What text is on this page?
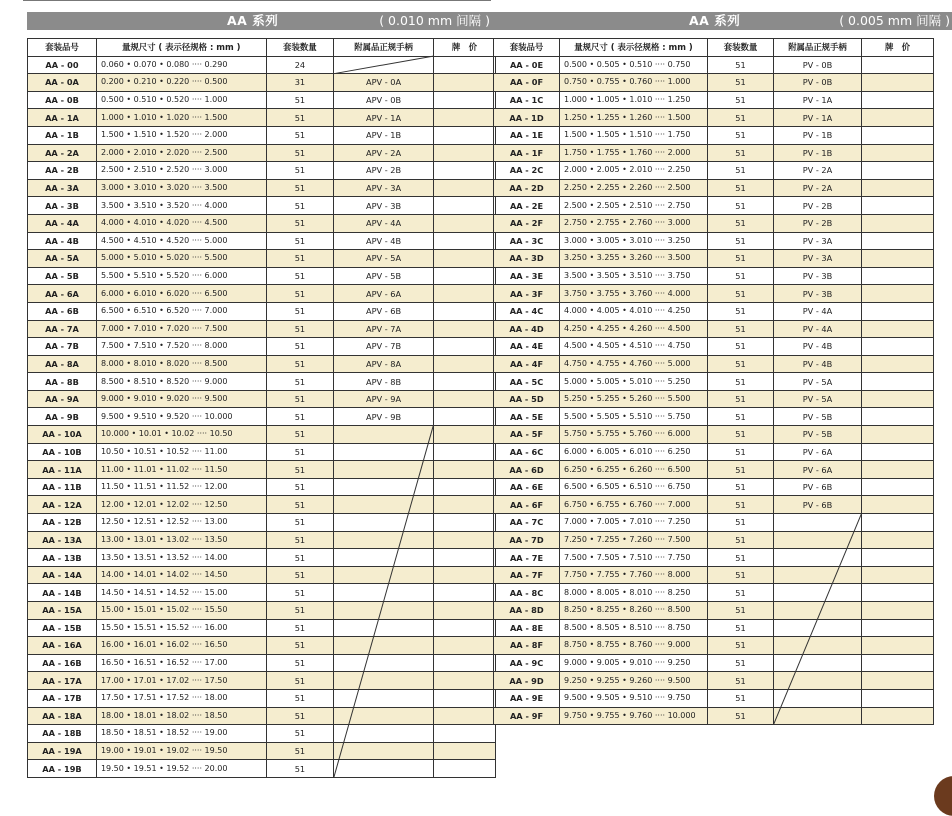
AA 系列	( 0.010 mm 间隔 )
套装品号	量规尺寸 ( 表示径规格 : mm )	套装数量	附属品正规手柄	牌　价
AA - 00	0.060 • 0.070 • 0.080 ···· 0.290	24		
AA - 0A	0.200 • 0.210 • 0.220 ···· 0.500	31	APV - 0A	
AA - 0B	0.500 • 0.510 • 0.520 ···· 1.000	51	APV - 0B	
AA - 1A	1.000 • 1.010 • 1.020 ···· 1.500	51	APV - 1A	
AA - 1B	1.500 • 1.510 • 1.520 ···· 2.000	51	APV - 1B	
AA - 2A	2.000 • 2.010 • 2.020 ···· 2.500	51	APV - 2A	
AA - 2B	2.500 • 2.510 • 2.520 ···· 3.000	51	APV - 2B	
AA - 3A	3.000 • 3.010 • 3.020 ···· 3.500	51	APV - 3A	
AA - 3B	3.500 • 3.510 • 3.520 ···· 4.000	51	APV - 3B	
AA - 4A	4.000 • 4.010 • 4.020 ···· 4.500	51	APV - 4A	
AA - 4B	4.500 • 4.510 • 4.520 ···· 5.000	51	APV - 4B	
AA - 5A	5.000 • 5.010 • 5.020 ···· 5.500	51	APV - 5A	
AA - 5B	5.500 • 5.510 • 5.520 ···· 6.000	51	APV - 5B	
AA - 6A	6.000 • 6.010 • 6.020 ···· 6.500	51	APV - 6A	
AA - 6B	6.500 • 6.510 • 6.520 ···· 7.000	51	APV - 6B	
AA - 7A	7.000 • 7.010 • 7.020 ···· 7.500	51	APV - 7A	
AA - 7B	7.500 • 7.510 • 7.520 ···· 8.000	51	APV - 7B	
AA - 8A	8.000 • 8.010 • 8.020 ···· 8.500	51	APV - 8A	
AA - 8B	8.500 • 8.510 • 8.520 ···· 9.000	51	APV - 8B	
AA - 9A	9.000 • 9.010 • 9.020 ···· 9.500	51	APV - 9A	
AA - 9B	9.500 • 9.510 • 9.520 ···· 10.000	51	APV - 9B	
AA - 10A	10.000 • 10.01 • 10.02 ···· 10.50	51		
AA - 10B	10.50 • 10.51 • 10.52 ···· 11.00	51		
AA - 11A	11.00 • 11.01 • 11.02 ···· 11.50	51		
AA - 11B	11.50 • 11.51 • 11.52 ···· 12.00	51		
AA - 12A	12.00 • 12.01 • 12.02 ···· 12.50	51		
AA - 12B	12.50 • 12.51 • 12.52 ···· 13.00	51		
AA - 13A	13.00 • 13.01 • 13.02 ···· 13.50	51		
AA - 13B	13.50 • 13.51 • 13.52 ···· 14.00	51		
AA - 14A	14.00 • 14.01 • 14.02 ···· 14.50	51		
AA - 14B	14.50 • 14.51 • 14.52 ···· 15.00	51		
AA - 15A	15.00 • 15.01 • 15.02 ···· 15.50	51		
AA - 15B	15.50 • 15.51 • 15.52 ···· 16.00	51		
AA - 16A	16.00 • 16.01 • 16.02 ···· 16.50	51		
AA - 16B	16.50 • 16.51 • 16.52 ···· 17.00	51		
AA - 17A	17.00 • 17.01 • 17.02 ···· 17.50	51		
AA - 17B	17.50 • 17.51 • 17.52 ···· 18.00	51		
AA - 18A	18.00 • 18.01 • 18.02 ···· 18.50	51		
AA - 18B	18.50 • 18.51 • 18.52 ···· 19.00	51		
AA - 19A	19.00 • 19.01 • 19.02 ···· 19.50	51		
AA - 19B	19.50 • 19.51 • 19.52 ···· 20.00	51		
AA 系列	( 0.005 mm 间隔 )
套装品号	量规尺寸 ( 表示径规格 : mm )	套装数量	附属品正规手柄	牌　价
AA - 0E	0.500 • 0.505 • 0.510 ···· 0.750	51	PV - 0B	
AA - 0F	0.750 • 0.755 • 0.760 ···· 1.000	51	PV - 0B	
AA - 1C	1.000 • 1.005 • 1.010 ···· 1.250	51	PV - 1A	
AA - 1D	1.250 • 1.255 • 1.260 ···· 1.500	51	PV - 1A	
AA - 1E	1.500 • 1.505 • 1.510 ···· 1.750	51	PV - 1B	
AA - 1F	1.750 • 1.755 • 1.760 ···· 2.000	51	PV - 1B	
AA - 2C	2.000 • 2.005 • 2.010 ···· 2.250	51	PV - 2A	
AA - 2D	2.250 • 2.255 • 2.260 ···· 2.500	51	PV - 2A	
AA - 2E	2.500 • 2.505 • 2.510 ···· 2.750	51	PV - 2B	
AA - 2F	2.750 • 2.755 • 2.760 ···· 3.000	51	PV - 2B	
AA - 3C	3.000 • 3.005 • 3.010 ···· 3.250	51	PV - 3A	
AA - 3D	3.250 • 3.255 • 3.260 ···· 3.500	51	PV - 3A	
AA - 3E	3.500 • 3.505 • 3.510 ···· 3.750	51	PV - 3B	
AA - 3F	3.750 • 3.755 • 3.760 ···· 4.000	51	PV - 3B	
AA - 4C	4.000 • 4.005 • 4.010 ···· 4.250	51	PV - 4A	
AA - 4D	4.250 • 4.255 • 4.260 ···· 4.500	51	PV - 4A	
AA - 4E	4.500 • 4.505 • 4.510 ···· 4.750	51	PV - 4B	
AA - 4F	4.750 • 4.755 • 4.760 ···· 5.000	51	PV - 4B	
AA - 5C	5.000 • 5.005 • 5.010 ···· 5.250	51	PV - 5A	
AA - 5D	5.250 • 5.255 • 5.260 ···· 5.500	51	PV - 5A	
AA - 5E	5.500 • 5.505 • 5.510 ···· 5.750	51	PV - 5B	
AA - 5F	5.750 • 5.755 • 5.760 ···· 6.000	51	PV - 5B	
AA - 6C	6.000 • 6.005 • 6.010 ···· 6.250	51	PV - 6A	
AA - 6D	6.250 • 6.255 • 6.260 ···· 6.500	51	PV - 6A	
AA - 6E	6.500 • 6.505 • 6.510 ···· 6.750	51	PV - 6B	
AA - 6F	6.750 • 6.755 • 6.760 ···· 7.000	51	PV - 6B	
AA - 7C	7.000 • 7.005 • 7.010 ···· 7.250	51		
AA - 7D	7.250 • 7.255 • 7.260 ···· 7.500	51		
AA - 7E	7.500 • 7.505 • 7.510 ···· 7.750	51		
AA - 7F	7.750 • 7.755 • 7.760 ···· 8.000	51		
AA - 8C	8.000 • 8.005 • 8.010 ···· 8.250	51		
AA - 8D	8.250 • 8.255 • 8.260 ···· 8.500	51		
AA - 8E	8.500 • 8.505 • 8.510 ···· 8.750	51		
AA - 8F	8.750 • 8.755 • 8.760 ···· 9.000	51		
AA - 9C	9.000 • 9.005 • 9.010 ···· 9.250	51		
AA - 9D	9.250 • 9.255 • 9.260 ···· 9.500	51		
AA - 9E	9.500 • 9.505 • 9.510 ···· 9.750	51		
AA - 9F	9.750 • 9.755 • 9.760 ···· 10.000	51		
